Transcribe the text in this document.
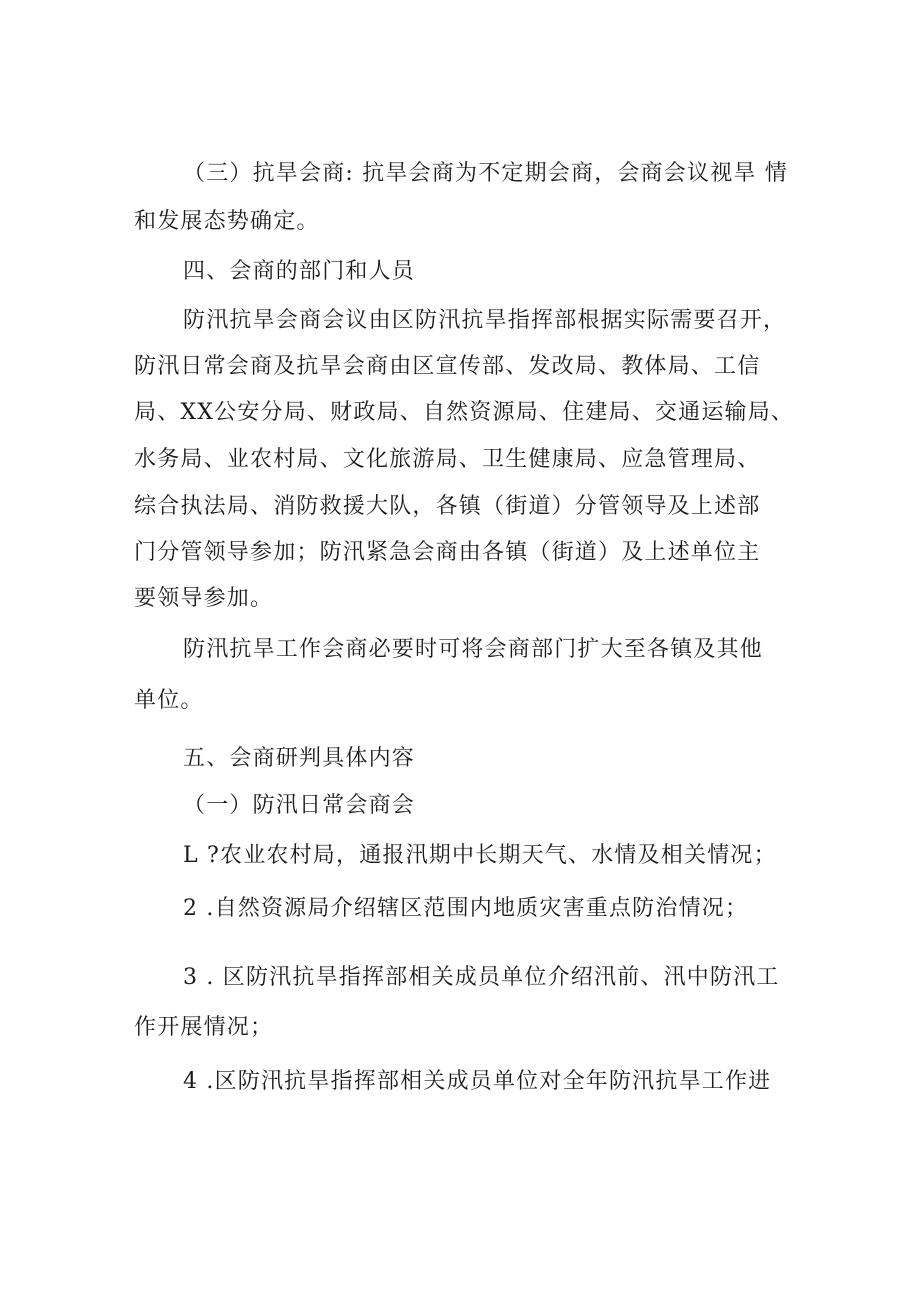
（三）抗旱会商: 抗旱会商为不定期会商，会商会议视旱 情
和发展态势确定。
四、会商的部门和人员
防汛抗旱会商会议由区防汛抗旱指挥部根据实际需要召开，
防汛日常会商及抗旱会商由区宣传部、发改局、教体局、工信
局、XX公安分局、财政局、自然资源局、住建局、交通运输局、
水务局、业农村局、文化旅游局、卫生健康局、应急管理局、
综合执法局、消防救援大队，各镇（街道）分管领导及上述部
门分管领导参加；防汛紧急会商由各镇（街道）及上述单位主
要领导参加。
防汛抗旱工作会商必要时可将会商部门扩大至各镇及其他
单位。
五、会商研判具体内容
（一）防汛日常会商会
L ?农业农村局，通报汛期中长期天气、水情及相关情况；
2 .自然资源局介绍辖区范围内地质灾害重点防治情况；
3 . 区防汛抗旱指挥部相关成员单位介绍汛前、汛中防汛工
作开展情况；
4 .区防汛抗旱指挥部相关成员单位对全年防汛抗旱工作进
